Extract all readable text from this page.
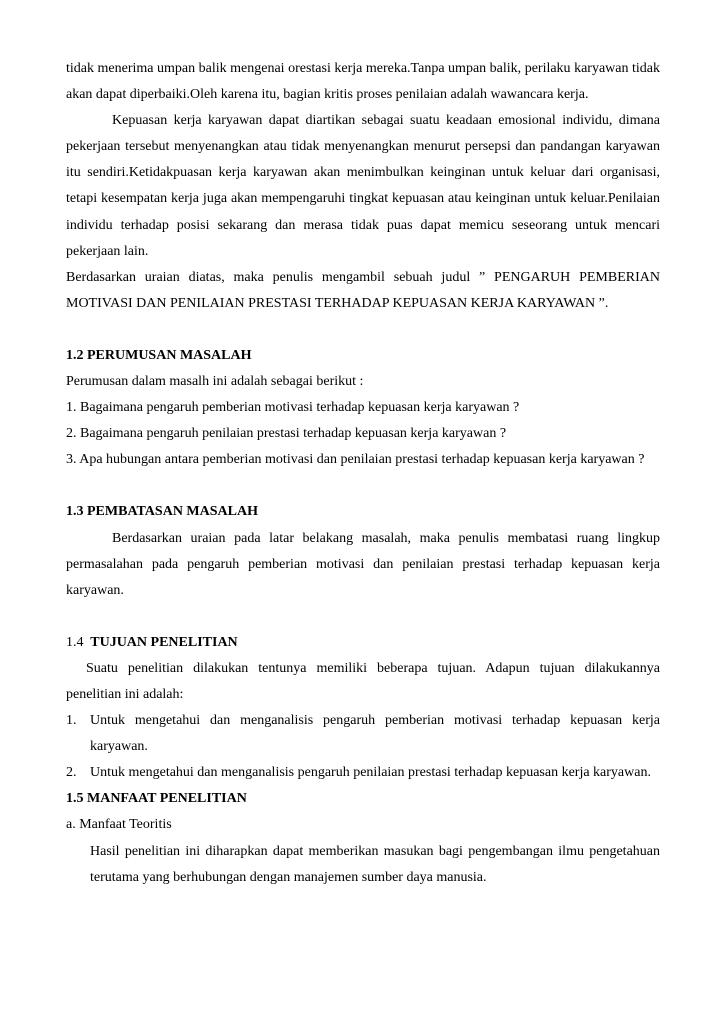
tidak menerima umpan balik mengenai orestasi kerja mereka.Tanpa umpan balik, perilaku karyawan tidak akan dapat diperbaiki.Oleh karena itu, bagian kritis proses penilaian adalah wawancara kerja.

Kepuasan kerja karyawan dapat diartikan sebagai suatu keadaan emosional individu, dimana pekerjaan tersebut menyenangkan atau tidak menyenangkan menurut persepsi dan pandangan karyawan itu sendiri.Ketidakpuasan kerja karyawan akan menimbulkan keinginan untuk keluar dari organisasi, tetapi kesempatan kerja juga akan mempengaruhi tingkat kepuasan atau keinginan untuk keluar.Penilaian individu terhadap posisi sekarang dan merasa tidak puas dapat memicu seseorang untuk mencari pekerjaan lain.

Berdasarkan uraian diatas, maka penulis mengambil sebuah judul ” PENGARUH PEMBERIAN MOTIVASI DAN PENILAIAN PRESTASI TERHADAP KEPUASAN KERJA KARYAWAN ”.

1.2 PERUMUSAN MASALAH

Perumusan dalam masalh ini adalah sebagai berikut :

1. Bagaimana pengaruh pemberian motivasi terhadap kepuasan kerja karyawan ?
2. Bagaimana pengaruh penilaian prestasi terhadap kepuasan kerja karyawan ?
3. Apa hubungan antara pemberian motivasi dan penilaian prestasi terhadap kepuasan kerja karyawan ?
1.3 PEMBATASAN MASALAH

Berdasarkan uraian pada latar belakang masalah, maka penulis membatasi ruang lingkup permasalahan pada pengaruh pemberian motivasi dan penilaian prestasi terhadap kepuasan kerja karyawan.

1.4 TUJUAN PENELITIAN

Suatu penelitian dilakukan tentunya memiliki beberapa tujuan. Adapun tujuan dilakukannya penelitian ini adalah:

1. Untuk mengetahui dan menganalisis pengaruh pemberian motivasi terhadap kepuasan kerja karyawan.
2. Untuk mengetahui dan menganalisis pengaruh penilaian prestasi terhadap kepuasan kerja karyawan.
1.5 MANFAAT PENELITIAN

a. Manfaat Teoritis

Hasil penelitian ini diharapkan dapat memberikan masukan bagi pengembangan ilmu pengetahuan terutama yang berhubungan dengan manajemen sumber daya manusia.
